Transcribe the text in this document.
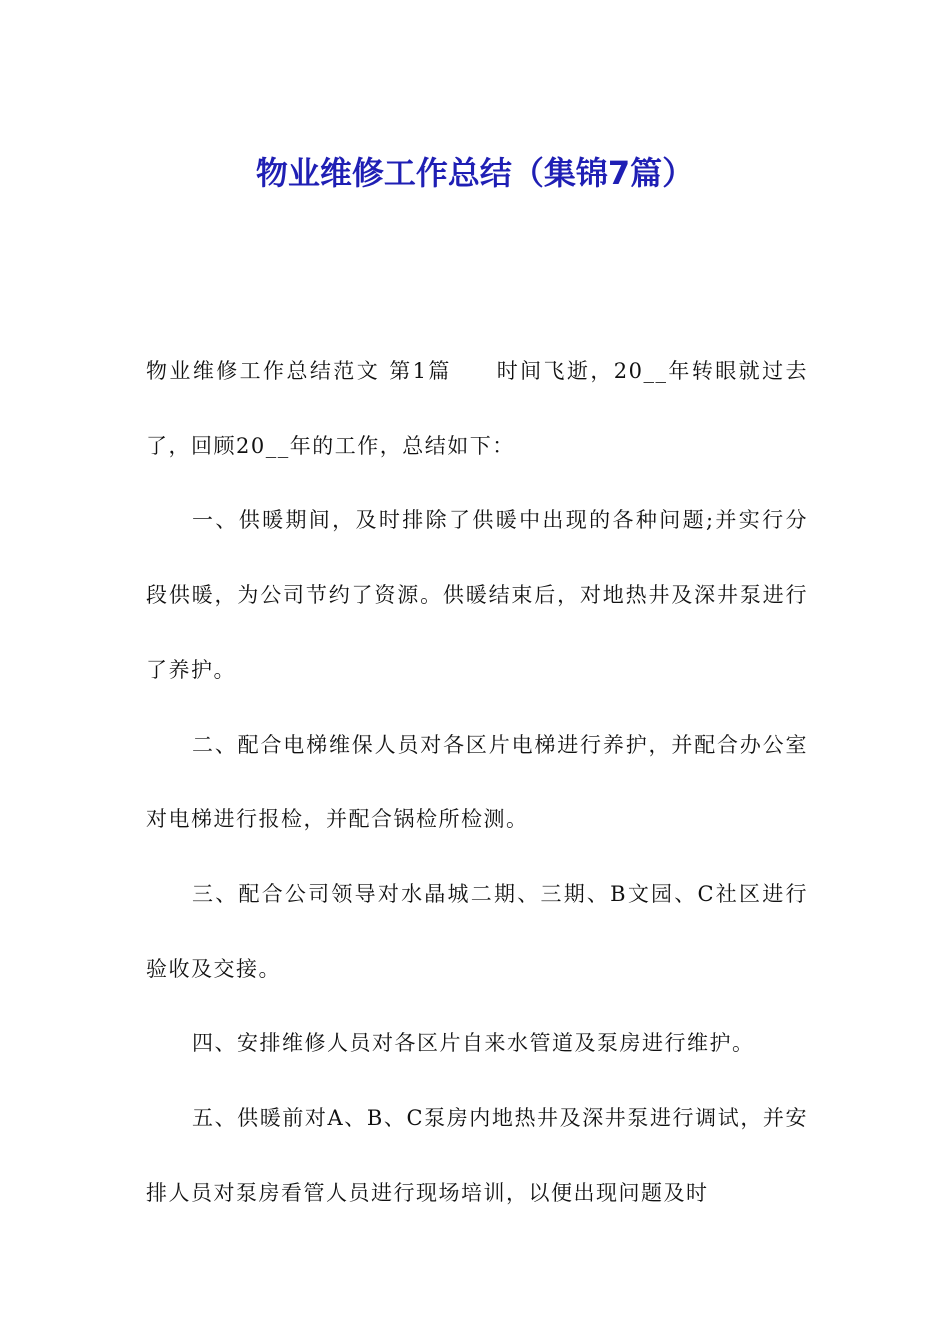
物业维修工作总结（集锦7篇）

物业维修工作总结范文 第1篇 时间飞逝，20__年转眼就过去了，回顾20__年的工作，总结如下：

一、供暖期间，及时排除了供暖中出现的各种问题;并实行分段供暖，为公司节约了资源。供暖结束后，对地热井及深井泵进行了养护。

二、配合电梯维保人员对各区片电梯进行养护，并配合办公室对电梯进行报检，并配合锅检所检测。

三、配合公司领导对水晶城二期、三期、B文园、C社区进行验收及交接。

四、安排维修人员对各区片自来水管道及泵房进行维护。

五、供暖前对A、B、C泵房内地热井及深井泵进行调试，并安排人员对泵房看管人员进行现场培训，以便出现问题及时
